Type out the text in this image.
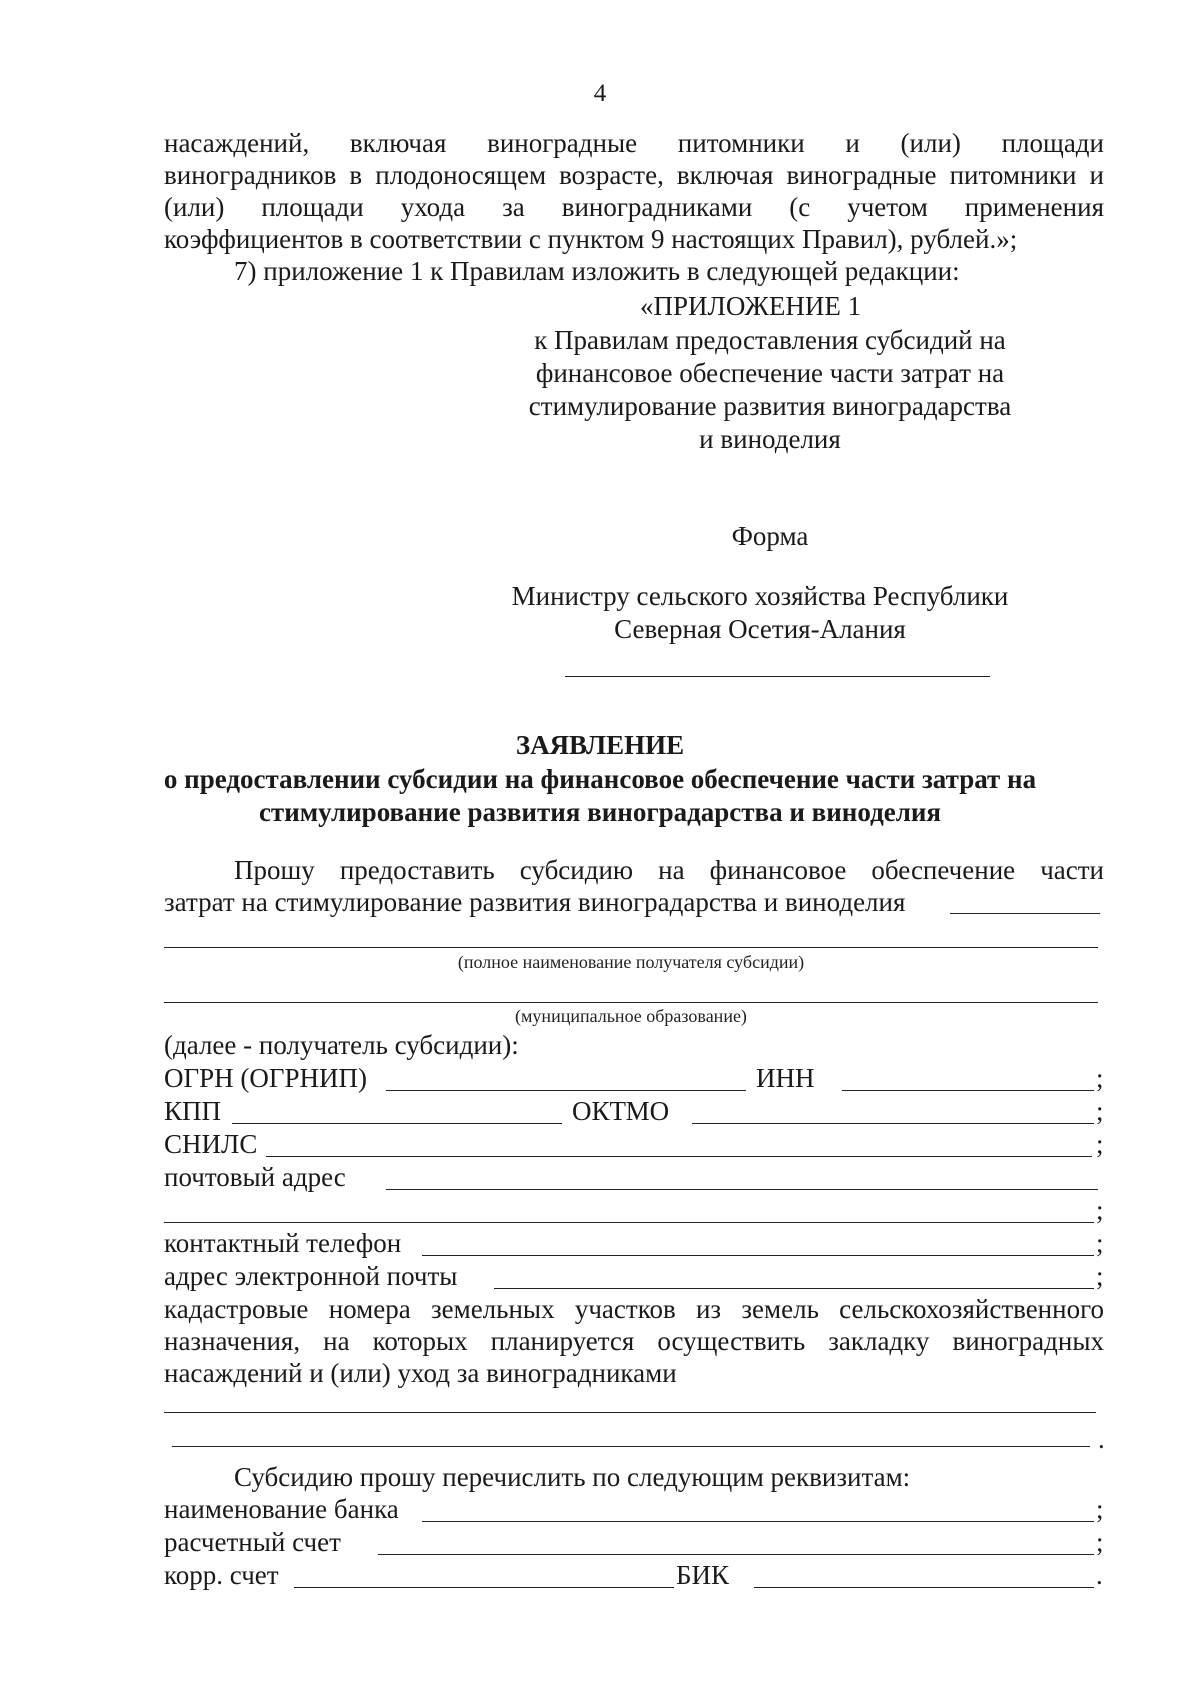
4
насаждений, включая виноградные питомники и (или) площади
виноградников в плодоносящем возрасте, включая виноградные питомники и
(или) площади ухода за виноградниками (с учетом применения
коэффициентов в соответствии с пунктом 9 настоящих Правил), рублей.»;
7) приложение 1 к Правилам изложить в следующей редакции:
«ПРИЛОЖЕНИЕ 1
к Правилам предоставления субсидий на
финансовое обеспечение части затрат на
стимулирование развития виноградарства
и виноделия
Форма
Министру сельского хозяйства Республики
Северная Осетия-Алания
ЗАЯВЛЕНИЕ
о предоставлении субсидии на финансовое обеспечение части затрат на
стимулирование развития виноградарства и виноделия
Прошу предоставить субсидию на финансовое обеспечение части
затрат на стимулирование развития виноградарства и виноделия
(полное наименование получателя субсидии)
(муниципальное образование)
(далее - получатель субсидии):
ОГРН (ОГРНИП)	ИНН	;
КПП	ОКТМО	;
СНИЛС	;
почтовый адрес
;
контактный телефон	;
адрес электронной почты	;
кадастровые номера земельных участков из земель сельскохозяйственного
назначения, на которых планируется осуществить закладку виноградных
насаждений и (или) уход за виноградниками
.
Субсидию прошу перечислить по следующим реквизитам:
наименование банка	;
расчетный счет	;
корр. счет	БИК	.
